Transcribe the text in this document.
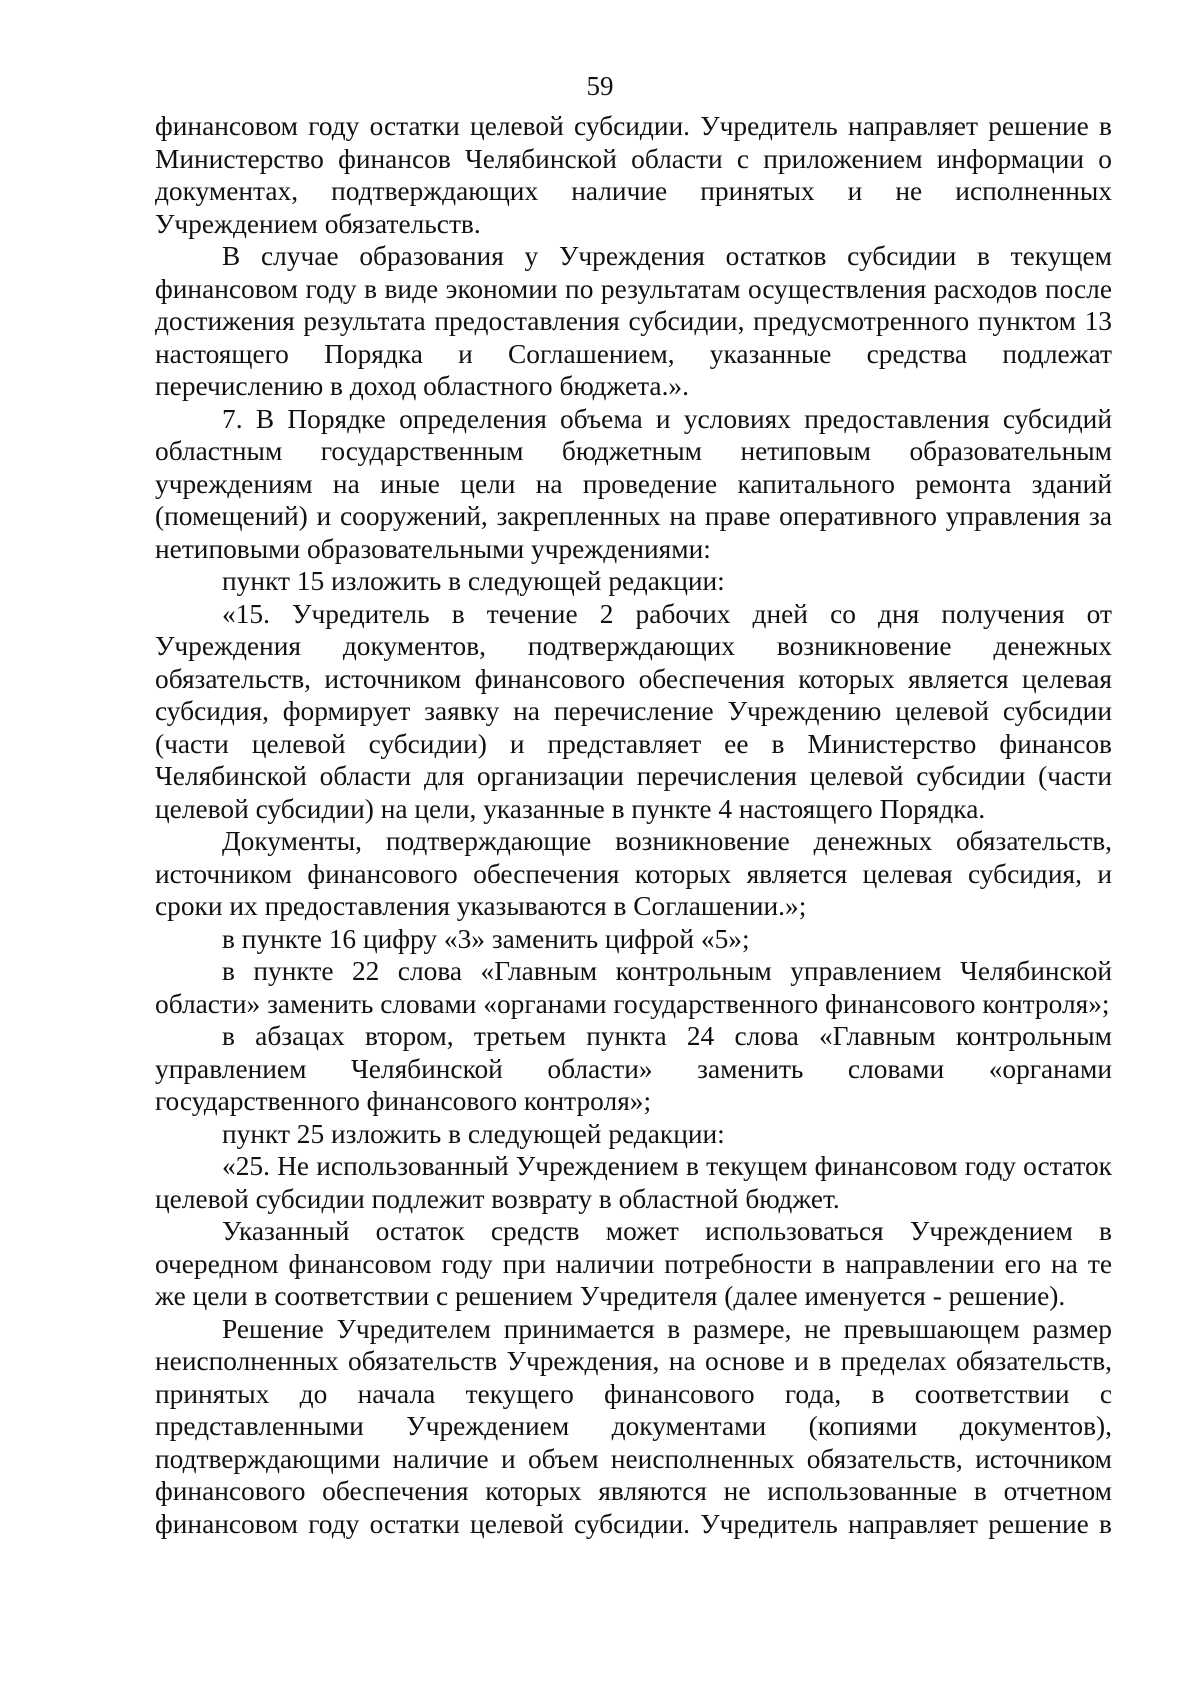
59

финансовом году остатки целевой субсидии. Учредитель направляет решение в Министерство финансов Челябинской области с приложением информации о документах, подтверждающих наличие принятых и не исполненных Учреждением обязательств.

В случае образования у Учреждения остатков субсидии в текущем финансовом году в виде экономии по результатам осуществления расходов после достижения результата предоставления субсидии, предусмотренного пунктом 13 настоящего Порядка и Соглашением, указанные средства подлежат перечислению в доход областного бюджета.».

7. В Порядке определения объема и условиях предоставления субсидий областным государственным бюджетным нетиповым образовательным учреждениям на иные цели на проведение капитального ремонта зданий (помещений) и сооружений, закрепленных на праве оперативного управления за нетиповыми образовательными учреждениями:

пункт 15 изложить в следующей редакции:

«15. Учредитель в течение 2 рабочих дней со дня получения от Учреждения документов, подтверждающих возникновение денежных обязательств, источником финансового обеспечения которых является целевая субсидия, формирует заявку на перечисление Учреждению целевой субсидии (части целевой субсидии) и представляет ее в Министерство финансов Челябинской области для организации перечисления целевой субсидии (части целевой субсидии) на цели, указанные в пункте 4 настоящего Порядка.

Документы, подтверждающие возникновение денежных обязательств, источником финансового обеспечения которых является целевая субсидия, и сроки их предоставления указываются в Соглашении.»;

в пункте 16 цифру «3» заменить цифрой «5»;

в пункте 22 слова «Главным контрольным управлением Челябинской области» заменить словами «органами государственного финансового контроля»;

в абзацах втором, третьем пункта 24 слова «Главным контрольным управлением Челябинской области» заменить словами «органами государственного финансового контроля»;

пункт 25 изложить в следующей редакции:

«25. Не использованный Учреждением в текущем финансовом году остаток целевой субсидии подлежит возврату в областной бюджет.

Указанный остаток средств может использоваться Учреждением в очередном финансовом году при наличии потребности в направлении его на те же цели в соответствии с решением Учредителя (далее именуется - решение).

Решение Учредителем принимается в размере, не превышающем размер неисполненных обязательств Учреждения, на основе и в пределах обязательств, принятых до начала текущего финансового года, в соответствии с представленными Учреждением документами (копиями документов), подтверждающими наличие и объем неисполненных обязательств, источником финансового обеспечения которых являются не использованные в отчетном финансовом году остатки целевой субсидии. Учредитель направляет решение в
